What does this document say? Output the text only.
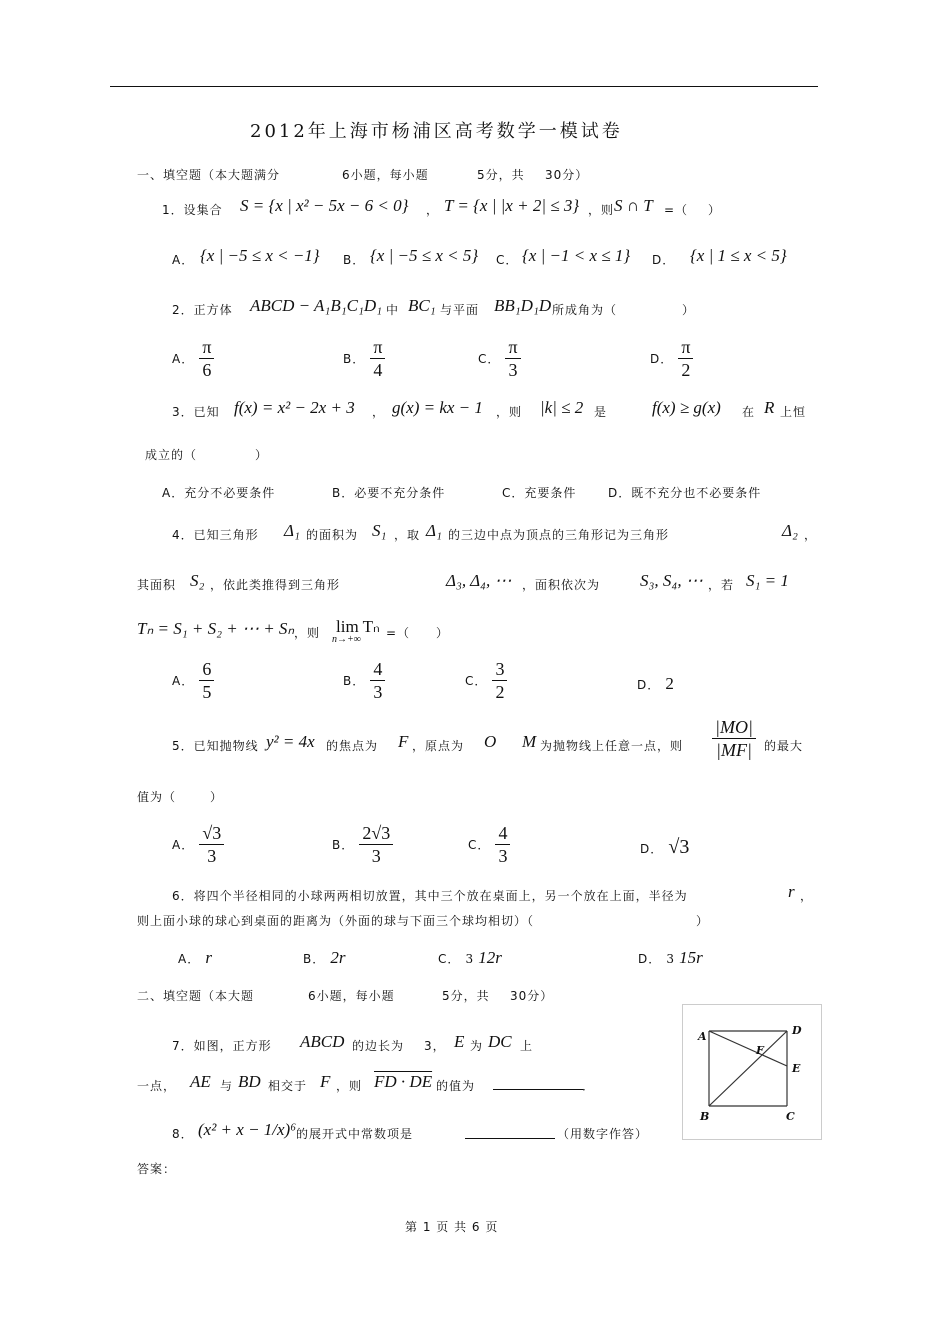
2012年上海市杨浦区高考数学一模试卷
一、填空题（本大题满分	6小题，每小题	5分，共 30分）
1．设集合 S = {x | x² − 5x − 6 < 0} ， T = {x | |x + 2| ≤ 3} ，则 S ∩ T =（ ）
A． {x | −5 ≤ x < −1} B． {x | −5 ≤ x < 5} C． {x | −1 < x ≤ 1} D． {x | 1 ≤ x < 5}
2．正方体 ABCD − A₁B₁C₁D₁ 中 BC₁ 与平面 BB₁D₁D 所成角为（	）
A． $\frac{\pi}{6}$	B． $\frac{\pi}{4}$	C． $\frac{\pi}{3}$	D． $\frac{\pi}{2}$
3．已知 f(x) = x² − 2x + 3 ， g(x) = kx − 1 ，则 |k| ≤ 2 是	f(x) ≥ g(x) 在 R 上恒
成立的（	）
A．充分不必要条件	B．必要不充分条件	C．充要条件	D．既不充分也不必要条件
4．已知三角形 Δ₁ 的面积为 S₁ ，取 Δ₁ 的三边中点为顶点的三角形记为三角形	Δ₂ ，
其面积 S₂ ，依此类推得到三角形	Δ₃, Δ₄, ⋯ ，面积依次为 S₃, S₄, ⋯ ，若 S₁ = 1
Tₙ = S₁ + S₂ + ⋯ + Sₙ ，则 lim Tₙ
n→+∞	=（ ）
A． $\frac{6}{5}$	B． $\frac{4}{3}$	C． $\frac{3}{2}$	D． 2
5．已知抛物线 y² = 4x 的焦点为 F ，原点为 O M 为抛物线上任意一点，则 $\frac{|MO|}{|MF|}$ 的最大
值为（	）
A． $\frac{√3}{3}$	B． $\frac{2√3}{3}$	C． $\frac{4}{3}$	D． √3
6．将四个半径相同的小球两两相切放置，其中三个放在桌面上，另一个放在上面，半径为	r ，
则上面小球的球心到桌面的距离为（外面的球与下面三个球均相切）（	）
A． r	B． 2r	C． 3 12r	D． 3 15r
二、填空题（本大题	6小题，每小题	5分，共 30分）
7．如图，正方形 ABCD 的边长为 3， E 为 DC 上
一点， AE 与 BD 相交于 F ，则 FD · DE 的值为	．
8． (x² + x − 1/x)⁶ 的展开式中常数项是	（用数字作答）
答案：
A	D
F
E
B	C
第 1 页 共 6 页
